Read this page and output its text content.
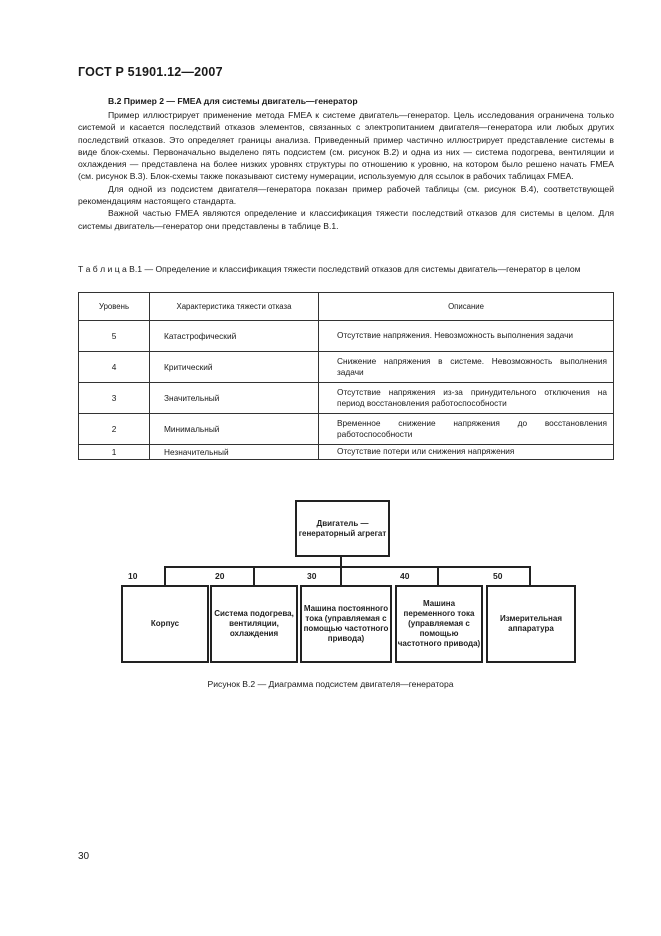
ГОСТ Р 51901.12—2007
В.2 Пример 2 — FMEA для системы двигатель—генератор

Пример иллюстрирует применение метода FMEA к системе двигатель—генератор. Цель исследования ограничена только системой и касается последствий отказов элементов, связанных с электропитанием двигателя—генератора или любых других последствий отказов. Это определяет границы анализа. Приведенный пример частично иллюстрирует представление системы в виде блок-схемы. Первоначально выделено пять подсистем (см. рисунок В.2) и одна из них — система подогрева, вентиляции и охлаждения — представлена на более низких уровнях структуры по отношению к уровню, на котором было решено начать FMEA (см. рисунок В.3). Блок-схемы также показывают систему нумерации, используемую для ссылок в рабочих таблицах FMEA.

Для одной из подсистем двигателя—генератора показан пример рабочей таблицы (см. рисунок В.4), соответствующей рекомендациям настоящего стандарта.

Важной частью FMEA являются определение и классификация тяжести последствий отказов для системы в целом. Для системы двигатель—генератор они представлены в таблице В.1.

Т а б л и ц а В.1 — Определение и классификация тяжести последствий отказов для системы двигатель—генератор в целом
Уровень	Характеристика тяжести отказа	Описание
5	Катастрофический	Отсутствие напряжения. Невозможность выполнения задачи
4	Критический	Снижение напряжения в системе. Невозможность выполнения задачи
3	Значительный	Отсутствие напряжения из-за принудительного отключения на период восстановления работоспособности
2	Минимальный	Временное снижение напряжения до восстановления работоспособности
1	Незначительный	Отсутствие потери или снижения напряжения
Двигатель — генераторный агрегат
10	20	30	40	50
Корпус
Система подогрева, вентиляции, охлаждения
Машина постоянного тока (управляемая с помощью частотного привода)
Машина переменного тока (управляемая с помощью частотного привода)
Измерительная аппаратура
Рисунок В.2 — Диаграмма подсистем двигателя—генератора
30
